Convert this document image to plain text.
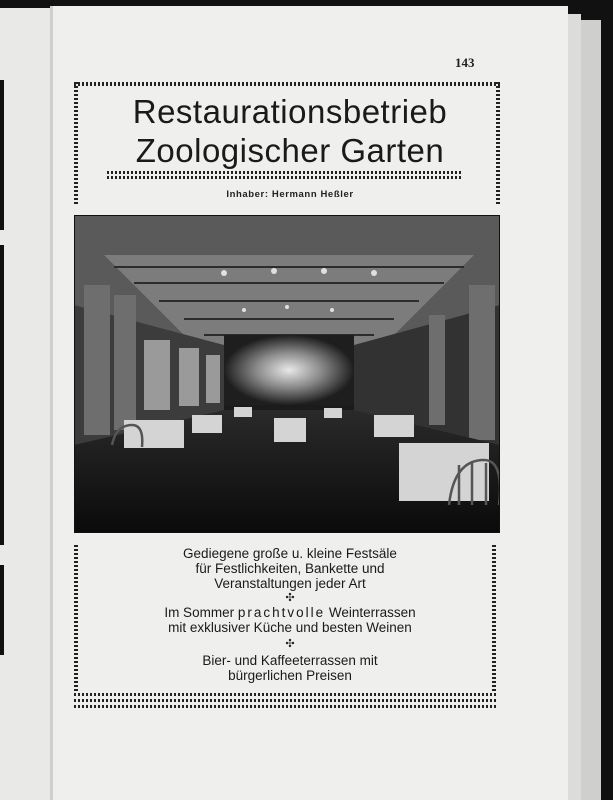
143
Restaurationsbetrieb
Zoologischer Garten
Inhaber: Hermann Heßler
Gediegene große u. kleine Festsäle
für Festlichkeiten, Bankette und
Veranstaltungen jeder Art
✣
Im Sommer prachtvolle Weinterrassen
mit exklusiver Küche und besten Weinen
✣
Bier- und Kaffeeterrassen mit
bürgerlichen Preisen
